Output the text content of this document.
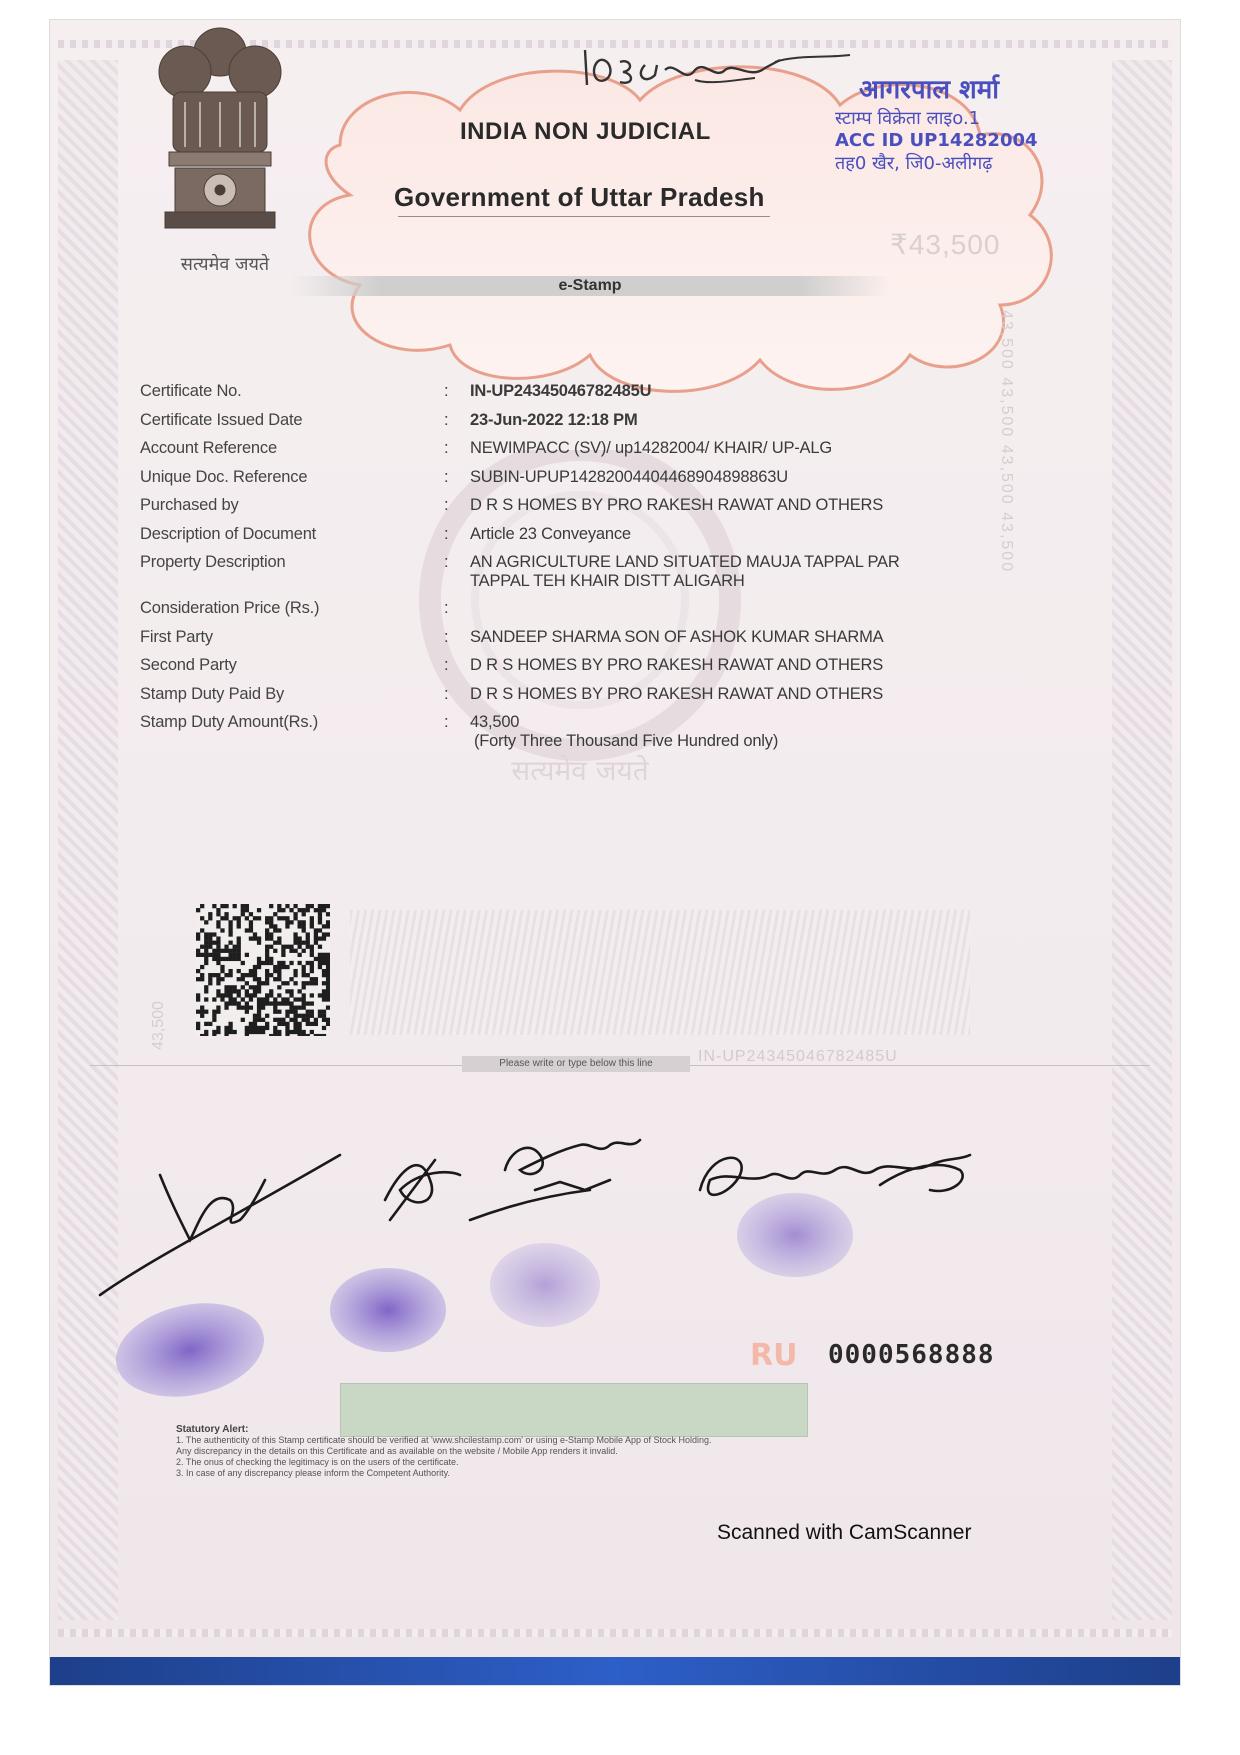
सत्यमेव जयते
INDIA NON JUDICIAL
Government of Uttar Pradesh
₹43,500
e-Stamp
43,500 43,500 43,500 43,500
43,500
आगरपाल शर्मा
स्टाम्प विक्रेता लाइo.1
ACC ID UP14282004
तह0 खैर, जि0-अलीगढ़
सत्यमेव जयते
Certificate No.	: IN-UP24345046782485U
Certificate Issued Date	: 23-Jun-2022 12:18 PM
Account Reference	: NEWIMPACC (SV)/ up14282004/ KHAIR/ UP-ALG
Unique Doc. Reference	: SUBIN-UPUP14282004404468904898863U
Purchased by	: D R S HOMES BY PRO RAKESH RAWAT AND OTHERS
Description of Document	: Article 23 Conveyance
Property Description	: AN AGRICULTURE LAND SITUATED MAUJA TAPPAL PAR TAPPAL TEH KHAIR DISTT ALIGARH
Consideration Price (Rs.)	:
First Party	: SANDEEP SHARMA SON OF ASHOK KUMAR SHARMA
Second Party	: D R S HOMES BY PRO RAKESH RAWAT AND OTHERS
Stamp Duty Paid By	: D R S HOMES BY PRO RAKESH RAWAT AND OTHERS
Stamp Duty Amount(Rs.)	: 43,500
(Forty Three Thousand Five Hundred only)
Please write or type below this line	IN-UP24345046782485U
RU 0000568888
Statutory Alert:
1. The authenticity of this Stamp certificate should be verified at 'www.shcilestamp.com' or using e-Stamp Mobile App of Stock Holding.
Any discrepancy in the details on this Certificate and as available on the website / Mobile App renders it invalid.
2. The onus of checking the legitimacy is on the users of the certificate.
3. In case of any discrepancy please inform the Competent Authority.
Scanned with CamScanner
